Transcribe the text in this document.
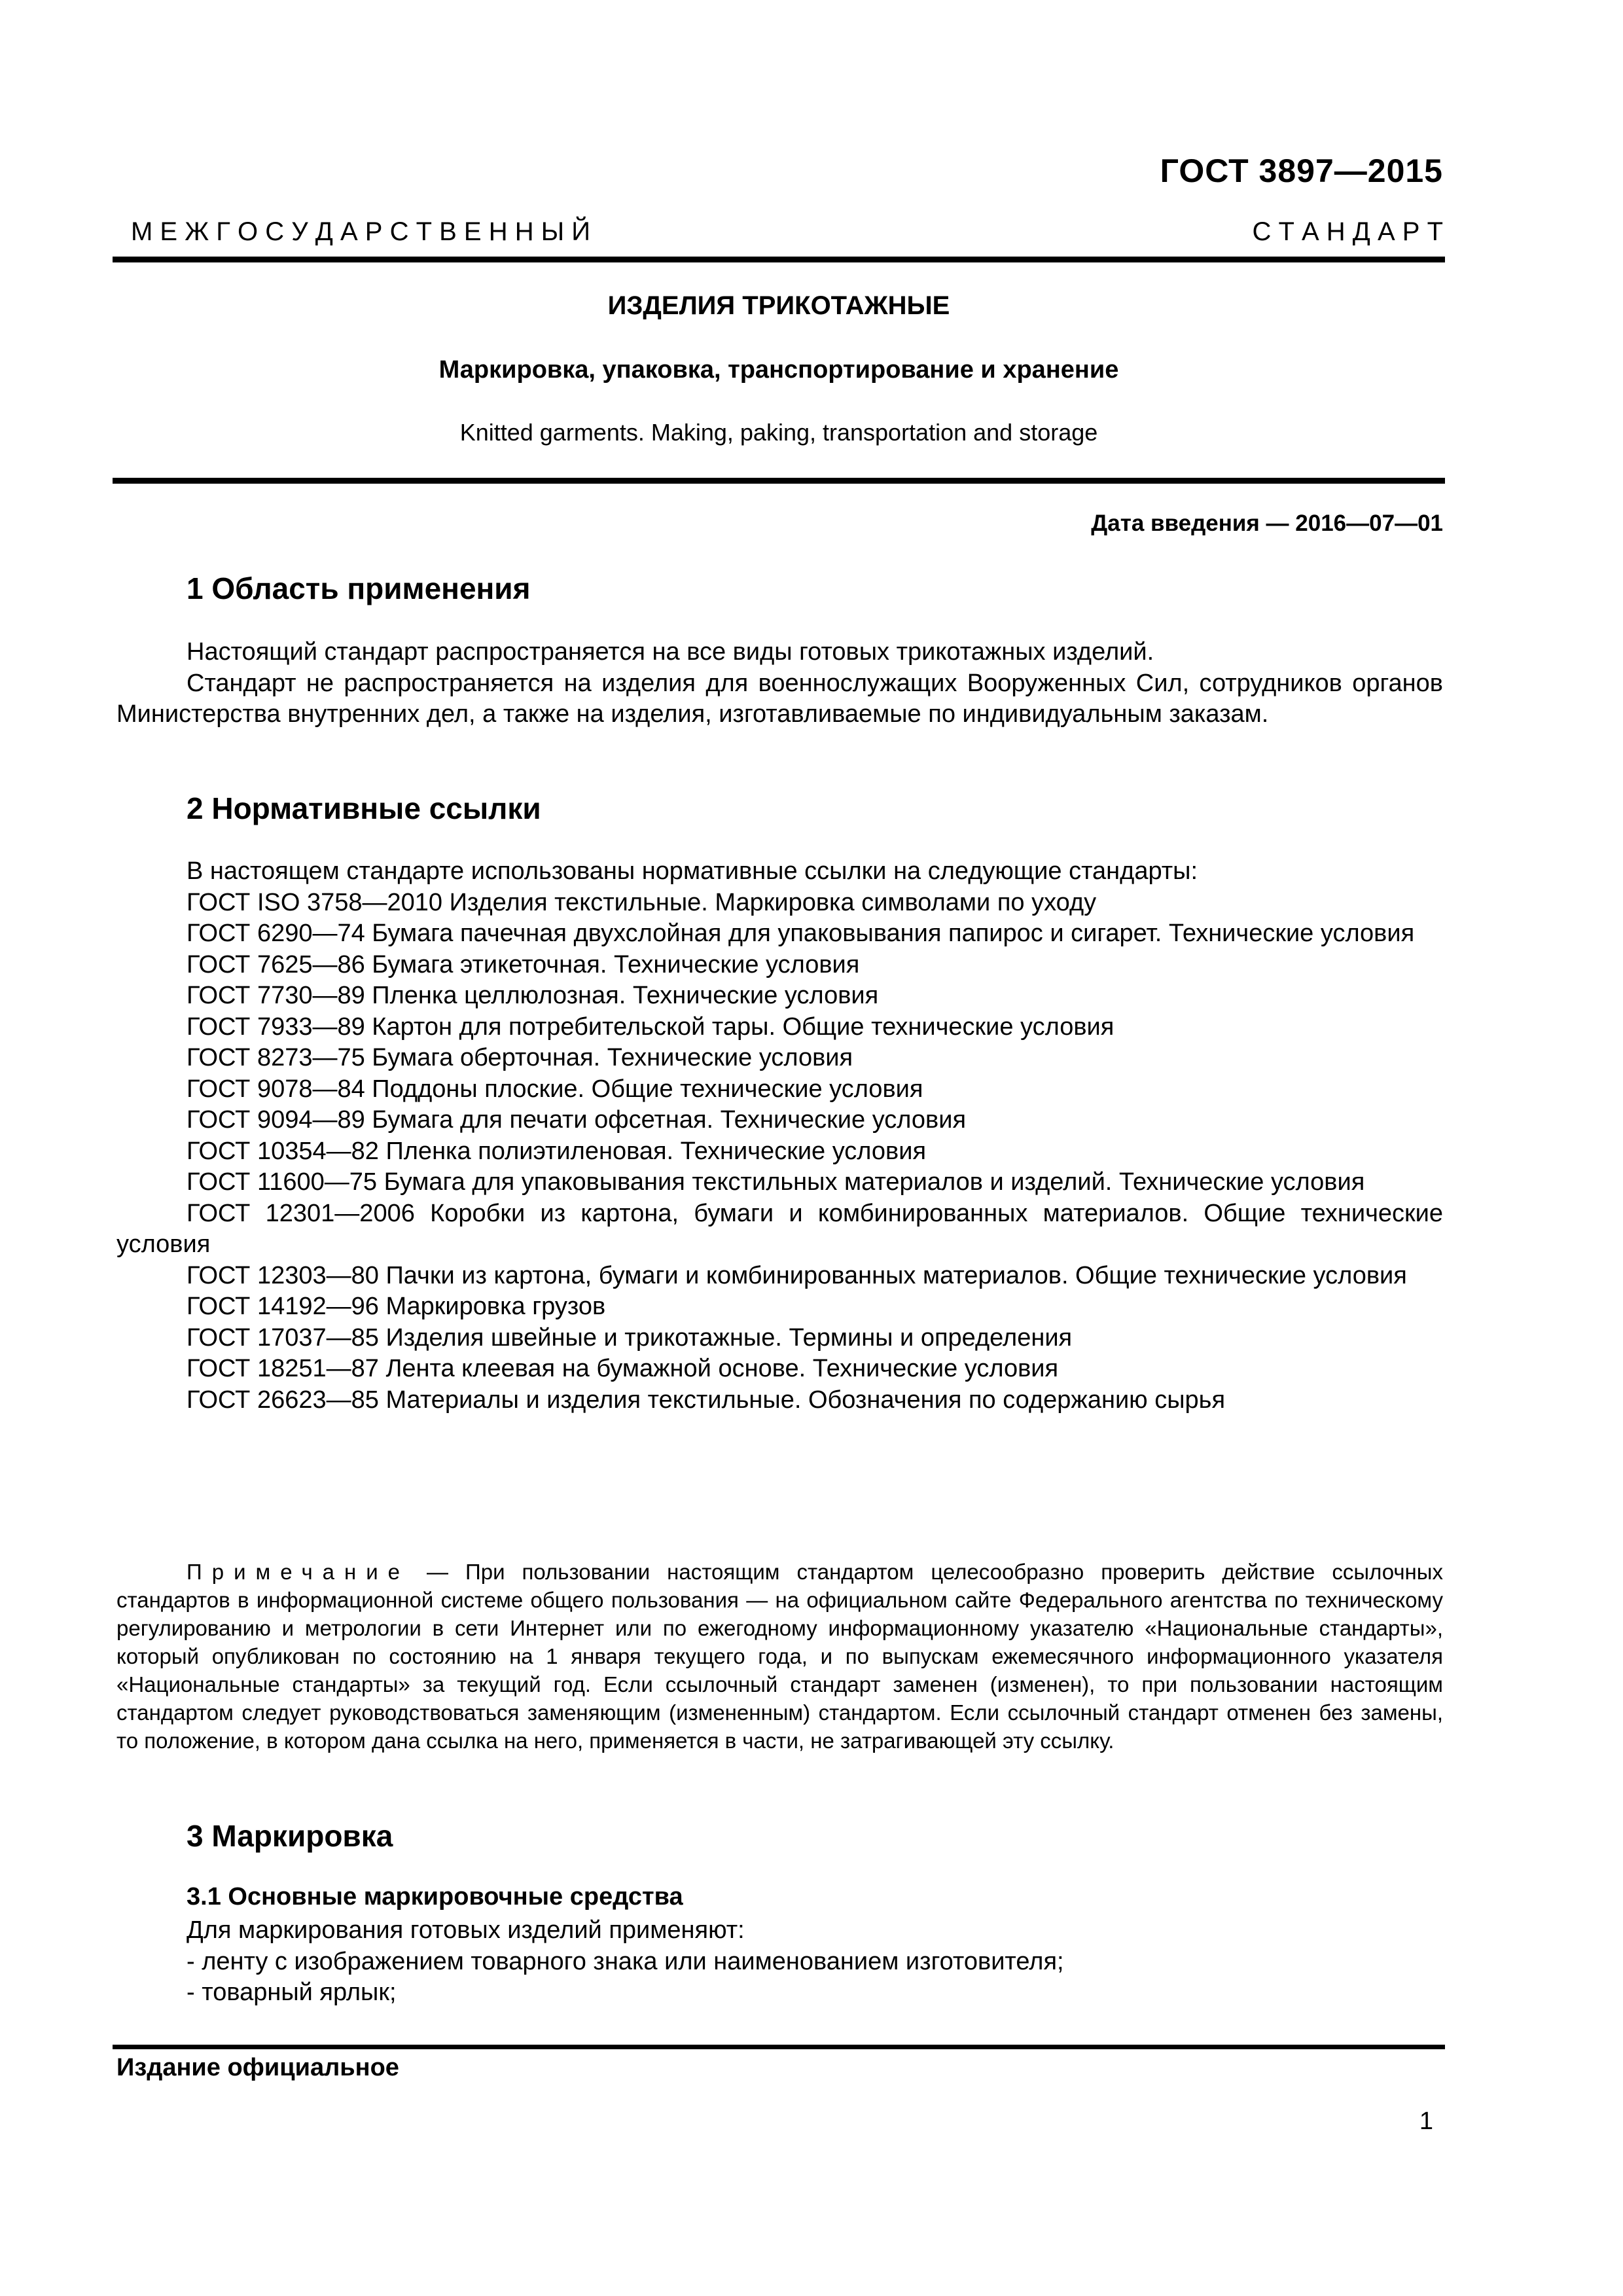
ГОСТ 3897—2015
М Е Ж Г О С У Д А Р С Т В Е Н Н Ы Й	С Т А Н Д А Р Т
ИЗДЕЛИЯ ТРИКОТАЖНЫЕ
Маркировка, упаковка, транспортирование и хранение
Knitted garments. Making, paking, transportation and storage
Дата введения — 2016—07—01
1 Область применения

Настоящий стандарт распространяется на все виды готовых трикотажных изделий.

Стандарт не распространяется на изделия для военнослужащих Вооруженных Сил, сотрудников органов Министерства внутренних дел, а также на изделия, изготавливаемые по индивидуальным заказам.

2 Нормативные ссылки

В настоящем стандарте использованы нормативные ссылки на следующие стандарты:

ГОСТ ISO 3758—2010 Изделия текстильные. Маркировка символами по уходу

ГОСТ 6290—74 Бумага пачечная двухслойная для упаковывания папирос и сигарет. Технические условия

ГОСТ 7625—86 Бумага этикеточная. Технические условия

ГОСТ 7730—89 Пленка целлюлозная. Технические условия

ГОСТ 7933—89 Картон для потребительской тары. Общие технические условия

ГОСТ 8273—75 Бумага оберточная. Технические условия

ГОСТ 9078—84 Поддоны плоские. Общие технические условия

ГОСТ 9094—89 Бумага для печати офсетная. Технические условия

ГОСТ 10354—82 Пленка полиэтиленовая. Технические условия

ГОСТ 11600—75 Бумага для упаковывания текстильных материалов и изделий. Технические условия

ГОСТ 12301—2006 Коробки из картона, бумаги и комбинированных материалов. Общие технические условия

ГОСТ 12303—80 Пачки из картона, бумаги и комбинированных материалов. Общие технические условия

ГОСТ 14192—96 Маркировка грузов

ГОСТ 17037—85 Изделия швейные и трикотажные. Термины и определения

ГОСТ 18251—87 Лента клеевая на бумажной основе. Технические условия

ГОСТ 26623—85 Материалы и изделия текстильные. Обозначения по содержанию сырья

Примечание — При пользовании настоящим стандартом целесообразно проверить действие ссылочных стандартов в информационной системе общего пользования — на официальном сайте Федерального агентства по техническому регулированию и метрологии в сети Интернет или по ежегодному информационному указателю «Национальные стандарты», который опубликован по состоянию на 1 января текущего года, и по выпускам ежемесячного информационного указателя «Национальные стандарты» за текущий год. Если ссылочный стандарт заменен (изменен), то при пользовании настоящим стандартом следует руководствоваться заменяющим (измененным) стандартом. Если ссылочный стандарт отменен без замены, то положение, в котором дана ссылка на него, применяется в части, не затрагивающей эту ссылку.

3 Маркировка
3.1 Основные маркировочные средства

Для маркирования готовых изделий применяют:

- ленту с изображением товарного знака или наименованием изготовителя;

- товарный ярлык;

Издание официальное
1
